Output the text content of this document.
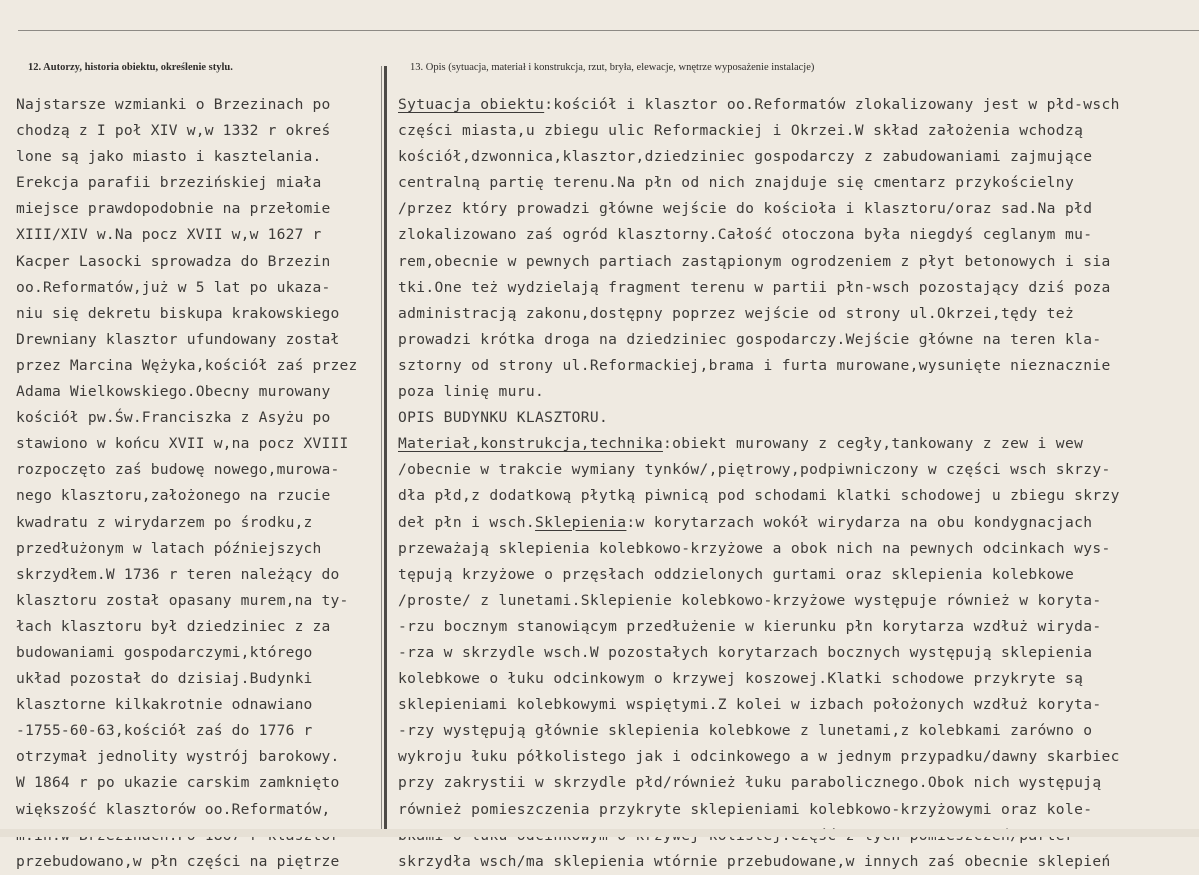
12. Autorzy, historia obiektu, określenie stylu.	13. Opis (sytuacja, materiał i konstrukcja, rzut, bryła, elewacje, wnętrze wyposażenie instalacje)
Najstarsze wzmianki o Brzezinach po
chodzą z I poł XIV w,w 1332 r okreś
lone są jako miasto i kasztelania.
Erekcja parafii brzezińskiej miała
miejsce prawdopodobnie na przełomie
XIII/XIV w.Na pocz XVII w,w 1627 r
Kacper Lasocki sprowadza do Brzezin
oo.Reformatów,już w 5 lat po ukaza-
niu się dekretu biskupa krakowskiego
Drewniany klasztor ufundowany został
przez Marcina Wężyka,kościół zaś przez
Adama Wielkowskiego.Obecny murowany
kościół pw.Św.Franciszka z Asyżu po
stawiono w końcu XVII w,na pocz XVIII
rozpoczęto zaś budowę nowego,murowa-
nego klasztoru,założonego na rzucie
kwadratu z wirydarzem po środku,z
przedłużonym w latach późniejszych
skrzydłem.W 1736 r teren należący do
klasztoru został opasany murem,na ty-
łach klasztoru był dziedziniec z za
budowaniami gospodarczymi,którego
układ pozostał do dzisiaj.Budynki
klasztorne kilkakrotnie odnawiano
-1755-60-63,kościół zaś do 1776 r
otrzymał jednolity wystrój barokowy.
W 1864 r po ukazie carskim zamknięto
większość klasztorów oo.Reformatów,
przebudowano,w płn części na piętrze
Sytuacja obiektu:kościół i klasztor oo.Reformatów zlokalizowany jest w płd-wsch
części miasta,u zbiegu ulic Reformackiej i Okrzei.W skład założenia wchodzą
kościół,dzwonnica,klasztor,dziedziniec gospodarczy z zabudowaniami zajmujące
centralną partię terenu.Na płn od nich znajduje się cmentarz przykościelny
/przez który prowadzi główne wejście do kościoła i klasztoru/oraz sad.Na płd
zlokalizowano zaś ogród klasztorny.Całość otoczona była niegdyś ceglanym mu-
rem,obecnie w pewnych partiach zastąpionym ogrodzeniem z płyt betonowych i sia
tki.One też wydzielają fragment terenu w partii płn-wsch pozostający dziś poza
administracją zakonu,dostępny poprzez wejście od strony ul.Okrzei,tędy też
prowadzi krótka droga na dziedziniec gospodarczy.Wejście główne na teren kla-
sztorny od strony ul.Reformackiej,brama i furta murowane,wysunięte nieznacznie
poza linię muru.
OPIS BUDYNKU KLASZTORU.
Materiał,konstrukcja,technika:obiekt murowany z cegły,tankowany z zew i wew
/obecnie w trakcie wymiany tynków/,piętrowy,podpiwniczony w części wsch skrzy-
dła płd,z dodatkową płytką piwnicą pod schodami klatki schodowej u zbiegu skrzy
deł płn i wsch.Sklepienia:w korytarzach wokół wirydarza na obu kondygnacjach
przeważają sklepienia kolebkowo-krzyżowe a obok nich na pewnych odcinkach wys-
tępują krzyżowe o przęsłach oddzielonych gurtami oraz sklepienia kolebkowe
/proste/ z lunetami.Sklepienie kolebkowo-krzyżowe występuje również w koryta-
-rzu bocznym stanowiącym przedłużenie w kierunku płn korytarza wzdłuż wiryda-
-rza w skrzydle wsch.W pozostałych korytarzach bocznych występują sklepienia
kolebkowe o łuku odcinkowym o krzywej koszowej.Klatki schodowe przykryte są
sklepieniami kolebkowymi wspiętymi.Z kolei w izbach położonych wzdłuż koryta-
-rzy występują głównie sklepienia kolebkowe z lunetami,z kolebkami zarówno o
wykroju łuku półkolistego jak i odcinkowego a w jednym przypadku/dawny skarbiec
przy zakrystii w skrzydle płd/również łuku parabolicznego.Obok nich występują
również pomieszczenia przykryte sklepieniami kolebkowo-krzyżowymi oraz kole-
skrzydła wsch/ma sklepienia wtórnie przebudowane,w innych zaś obecnie sklepień
